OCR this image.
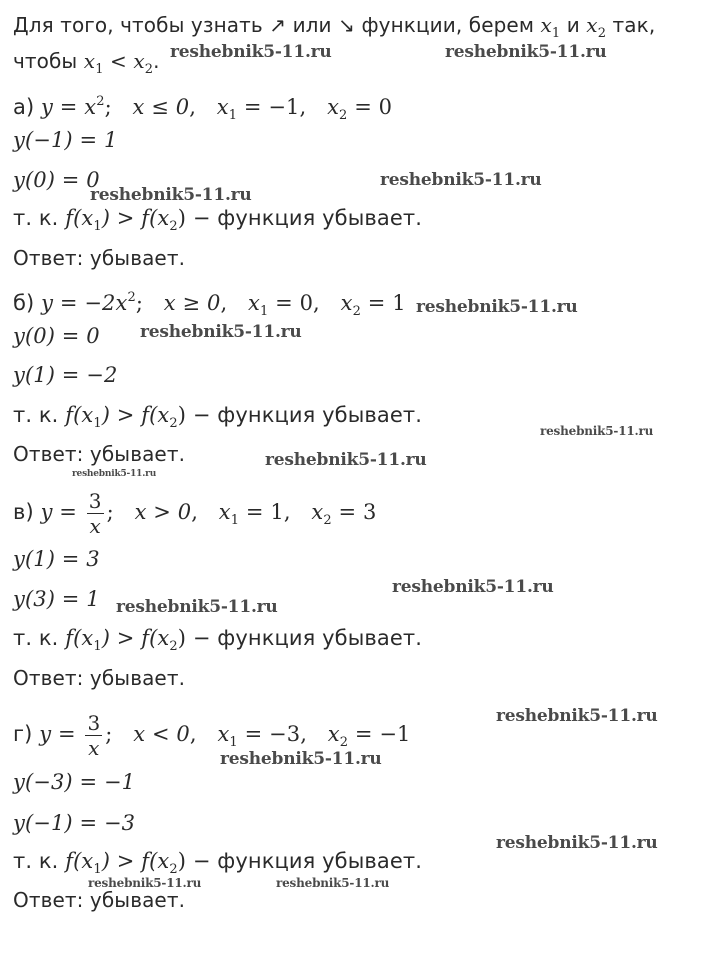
Для того, чтобы узнать ↗ или ↘ функции, берем $x_1$ и $x_2$ так,
чтобы $x_1 < x_2$.
а) $y = x^2$; x ≤ 0, $x_1 = -1$, $x_2 = 0$
y(−1) = 1
y(0) = 0
т. к. $f(x_1) > f(x_2)$ − функция убывает.
Ответ: убывает.
б) $y = -2x^2$; x ≥ 0, $x_1 = 0$, $x_2 = 1$
y(0) = 0
y(1) = −2
т. к. $f(x_1) > f(x_2)$ − функция убывает.
Ответ: убывает.
в) $y = \frac{3}{x}$ ; x > 0, $x_1 = 1$, $x_2 = 3$
y(1) = 3
y(3) = 1
т. к. $f(x_1) > f(x_2)$ − функция убывает.
Ответ: убывает.
г) $y = \frac{3}{x}$ ; x < 0, $x_1 = -3$, $x_2 = -1$
y(−3) = −1
y(−1) = −3
т. к. $f(x_1) > f(x_2)$ − функция убывает.
Ответ: убывает.
reshebnik5-11.ru	reshebnik5-11.ru
reshebnik5-11.ru
reshebnik5-11.ru
reshebnik5-11.ru
reshebnik5-11.ru
reshebnik5-11.ru
reshebnik5-11.ru
reshebnik5-11.ru
reshebnik5-11.ru
reshebnik5-11.ru
reshebnik5-11.ru
reshebnik5-11.ru
reshebnik5-11.ru
reshebnik5-11.ru	reshebnik5-11.ru
